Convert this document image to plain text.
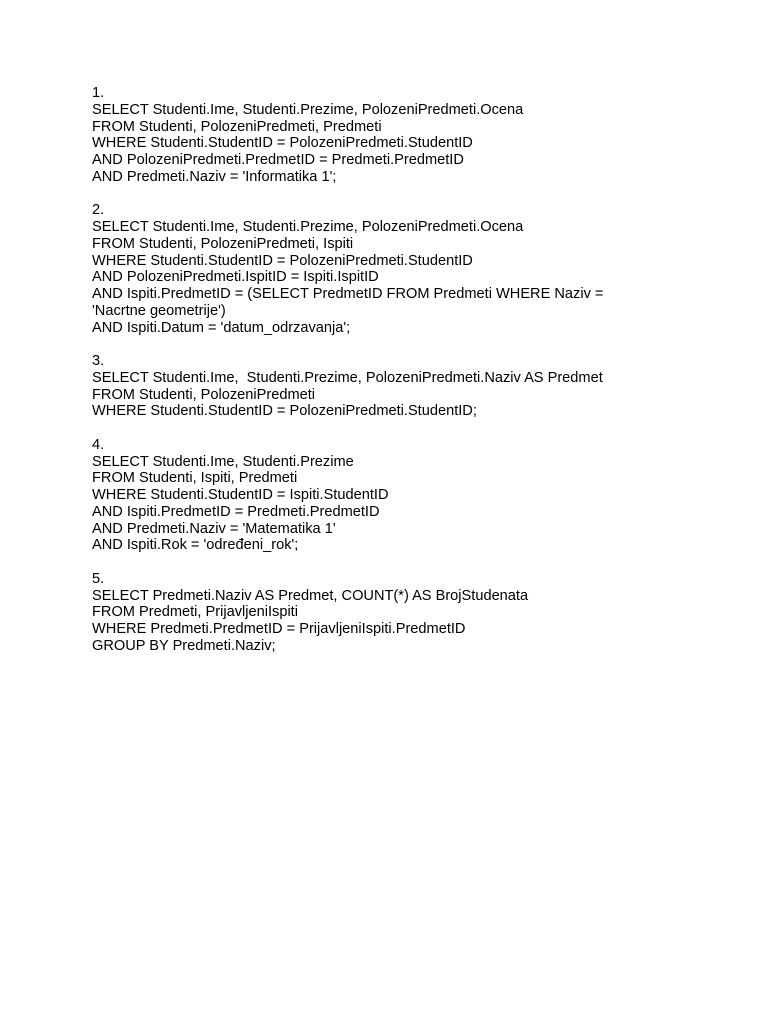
1.
SELECT Studenti.Ime, Studenti.Prezime, PolozeniPredmeti.Ocena
FROM Studenti, PolozeniPredmeti, Predmeti
WHERE Studenti.StudentID = PolozeniPredmeti.StudentID
AND PolozeniPredmeti.PredmetID = Predmeti.PredmetID
AND Predmeti.Naziv = 'Informatika 1';
2.
SELECT Studenti.Ime, Studenti.Prezime, PolozeniPredmeti.Ocena
FROM Studenti, PolozeniPredmeti, Ispiti
WHERE Studenti.StudentID = PolozeniPredmeti.StudentID
AND PolozeniPredmeti.IspitID = Ispiti.IspitID
AND Ispiti.PredmetID = (SELECT PredmetID FROM Predmeti WHERE Naziv =
'Nacrtne geometrije')
AND Ispiti.Datum = 'datum_odrzavanja';
3.
SELECT Studenti.Ime,  Studenti.Prezime, PolozeniPredmeti.Naziv AS Predmet
FROM Studenti, PolozeniPredmeti
WHERE Studenti.StudentID = PolozeniPredmeti.StudentID;
4.
SELECT Studenti.Ime, Studenti.Prezime
FROM Studenti, Ispiti, Predmeti
WHERE Studenti.StudentID = Ispiti.StudentID
AND Ispiti.PredmetID = Predmeti.PredmetID
AND Predmeti.Naziv = 'Matematika 1'
AND Ispiti.Rok = 'određeni_rok';
5.
SELECT Predmeti.Naziv AS Predmet, COUNT(*) AS BrojStudenata
FROM Predmeti, PrijavljeniIspiti
WHERE Predmeti.PredmetID = PrijavljeniIspiti.PredmetID
GROUP BY Predmeti.Naziv;
